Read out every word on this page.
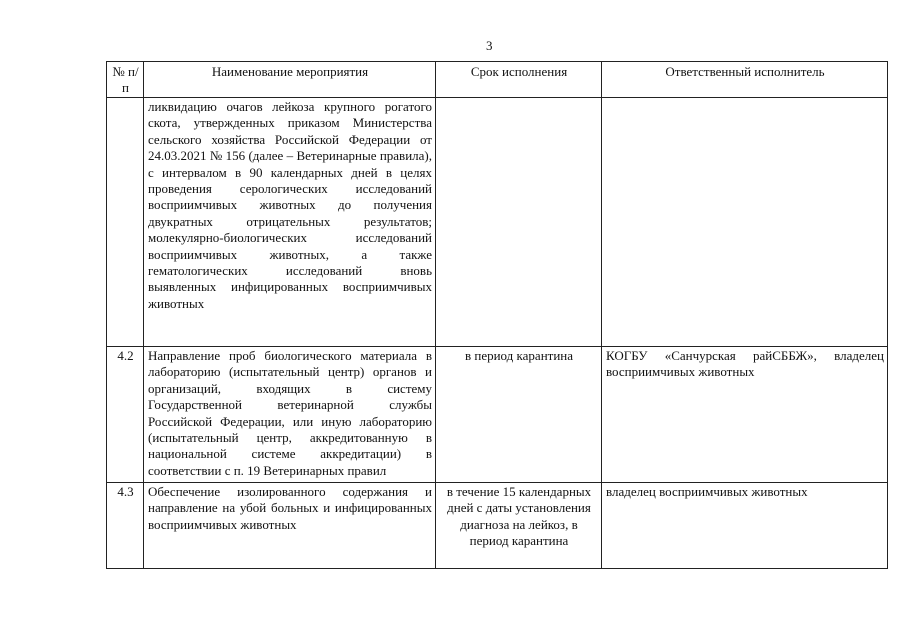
3
№ п/п	Наименование мероприятия	Срок исполнения	Ответственный исполнитель
	ликвидацию очагов лейкоза крупного рогатого скота, утвержденных приказом Министерства сельского хозяйства Российской Федерации от 24.03.2021 № 156 (далее – Ветеринарные правила), с интервалом в 90 календарных дней в целях проведения серологических исследований восприимчивых животных до получения двукратных отрицательных результатов; молекулярно-биологических исследований восприимчивых животных, а также гематологических исследований вновь выявленных инфицированных восприимчивых животных		
4.2	Направление проб биологического материала в лабораторию (испытательный центр) органов и организаций, входящих в систему Государственной ветеринарной службы Российской Федерации, или иную лабораторию (испытательный центр, аккредитованную в национальной системе аккредитации) в соответствии с п. 19 Ветеринарных правил	в период карантина	КОГБУ «Санчурская райСББЖ», владелец восприимчивых животных
4.3	Обеспечение изолированного содержания и направление на убой больных и инфицированных восприимчивых животных	в течение 15 календарных дней с даты установления диагноза на лейкоз, в период карантина	владелец восприимчивых животных
